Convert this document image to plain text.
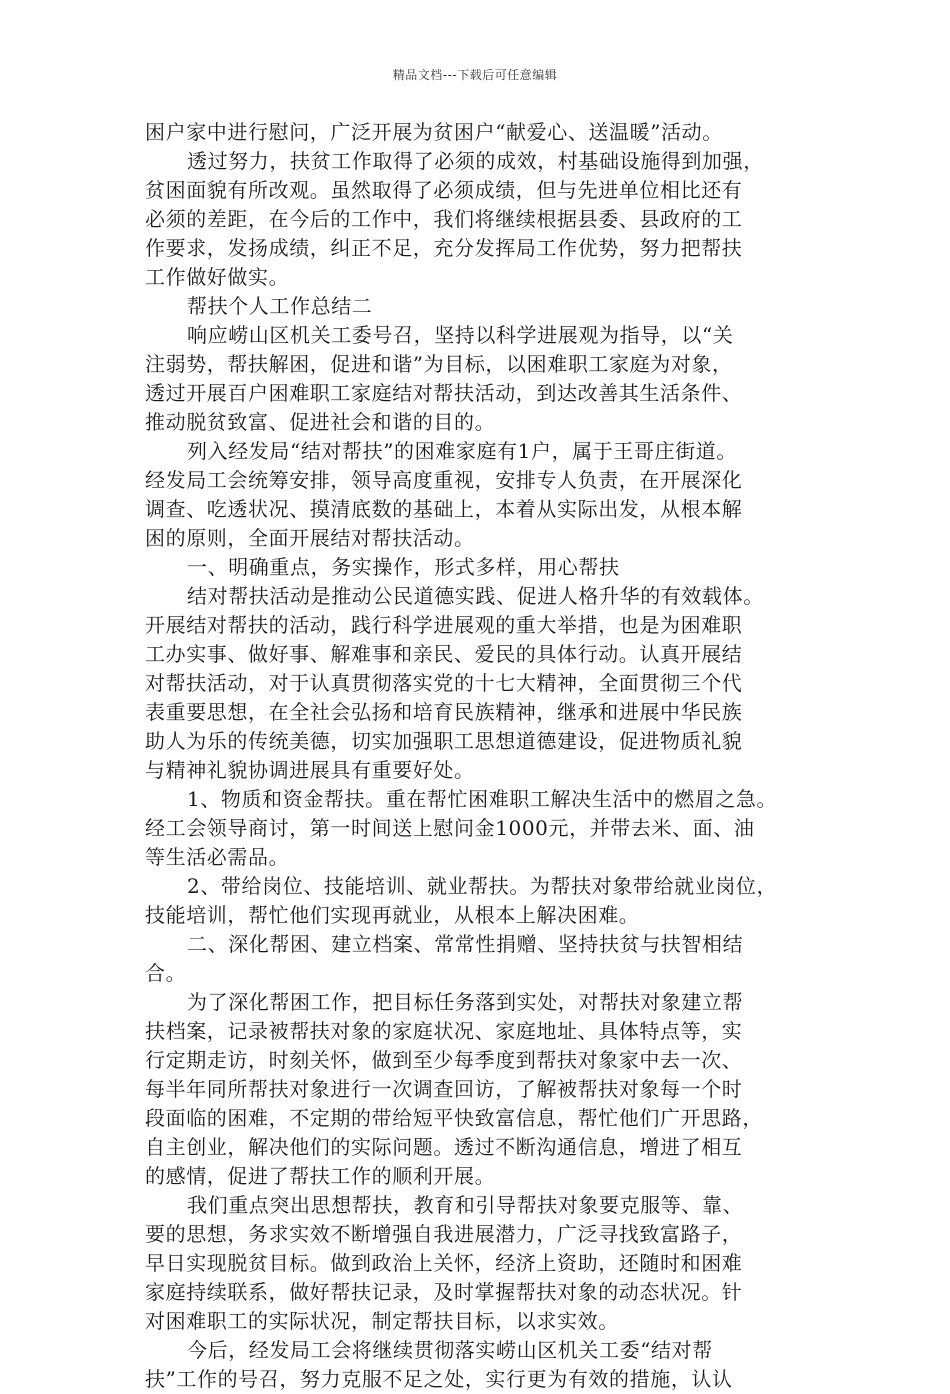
精品文档---下载后可任意编辑
困户家中进行慰问，广泛开展为贫困户“献爱心、送温暖”活动。
透过努力，扶贫工作取得了必须的成效，村基础设施得到加强，
贫困面貌有所改观。虽然取得了必须成绩，但与先进单位相比还有
必须的差距，在今后的工作中，我们将继续根据县委、县政府的工
作要求，发扬成绩，纠正不足，充分发挥局工作优势，努力把帮扶
工作做好做实。
帮扶个人工作总结二
响应崂山区机关工委号召，坚持以科学进展观为指导，以“关
注弱势，帮扶解困，促进和谐”为目标，以困难职工家庭为对象，
透过开展百户困难职工家庭结对帮扶活动，到达改善其生活条件、
推动脱贫致富、促进社会和谐的目的。
列入经发局“结对帮扶”的困难家庭有1户，属于王哥庄街道。
经发局工会统筹安排，领导高度重视，安排专人负责，在开展深化
调查、吃透状况、摸清底数的基础上，本着从实际出发，从根本解
困的原则，全面开展结对帮扶活动。
一、明确重点，务实操作，形式多样，用心帮扶
结对帮扶活动是推动公民道德实践、促进人格升华的有效载体。
开展结对帮扶的活动，践行科学进展观的重大举措，也是为困难职
工办实事、做好事、解难事和亲民、爱民的具体行动。认真开展结
对帮扶活动，对于认真贯彻落实党的十七大精神，全面贯彻三个代
表重要思想，在全社会弘扬和培育民族精神，继承和进展中华民族
助人为乐的传统美德，切实加强职工思想道德建设，促进物质礼貌
与精神礼貌协调进展具有重要好处。
1、物质和资金帮扶。重在帮忙困难职工解决生活中的燃眉之急。
经工会领导商讨，第一时间送上慰问金1000元，并带去米、面、油
等生活必需品。
2、带给岗位、技能培训、就业帮扶。为帮扶对象带给就业岗位，
技能培训，帮忙他们实现再就业，从根本上解决困难。
二、深化帮困、建立档案、常常性捐赠、坚持扶贫与扶智相结
合。
为了深化帮困工作，把目标任务落到实处，对帮扶对象建立帮
扶档案，记录被帮扶对象的家庭状况、家庭地址、具体特点等，实
行定期走访，时刻关怀，做到至少每季度到帮扶对象家中去一次、
每半年同所帮扶对象进行一次调查回访，了解被帮扶对象每一个时
段面临的困难，不定期的带给短平快致富信息，帮忙他们广开思路，
自主创业，解决他们的实际问题。透过不断沟通信息，增进了相互
的感情，促进了帮扶工作的顺利开展。
我们重点突出思想帮扶，教育和引导帮扶对象要克服等、靠、
要的思想，务求实效不断增强自我进展潜力，广泛寻找致富路子，
早日实现脱贫目标。做到政治上关怀，经济上资助，还随时和困难
家庭持续联系，做好帮扶记录，及时掌握帮扶对象的动态状况。针
对困难职工的实际状况，制定帮扶目标，以求实效。
今后，经发局工会将继续贯彻落实崂山区机关工委“结对帮
扶”工作的号召，努力克服不足之处，实行更为有效的措施，认认
